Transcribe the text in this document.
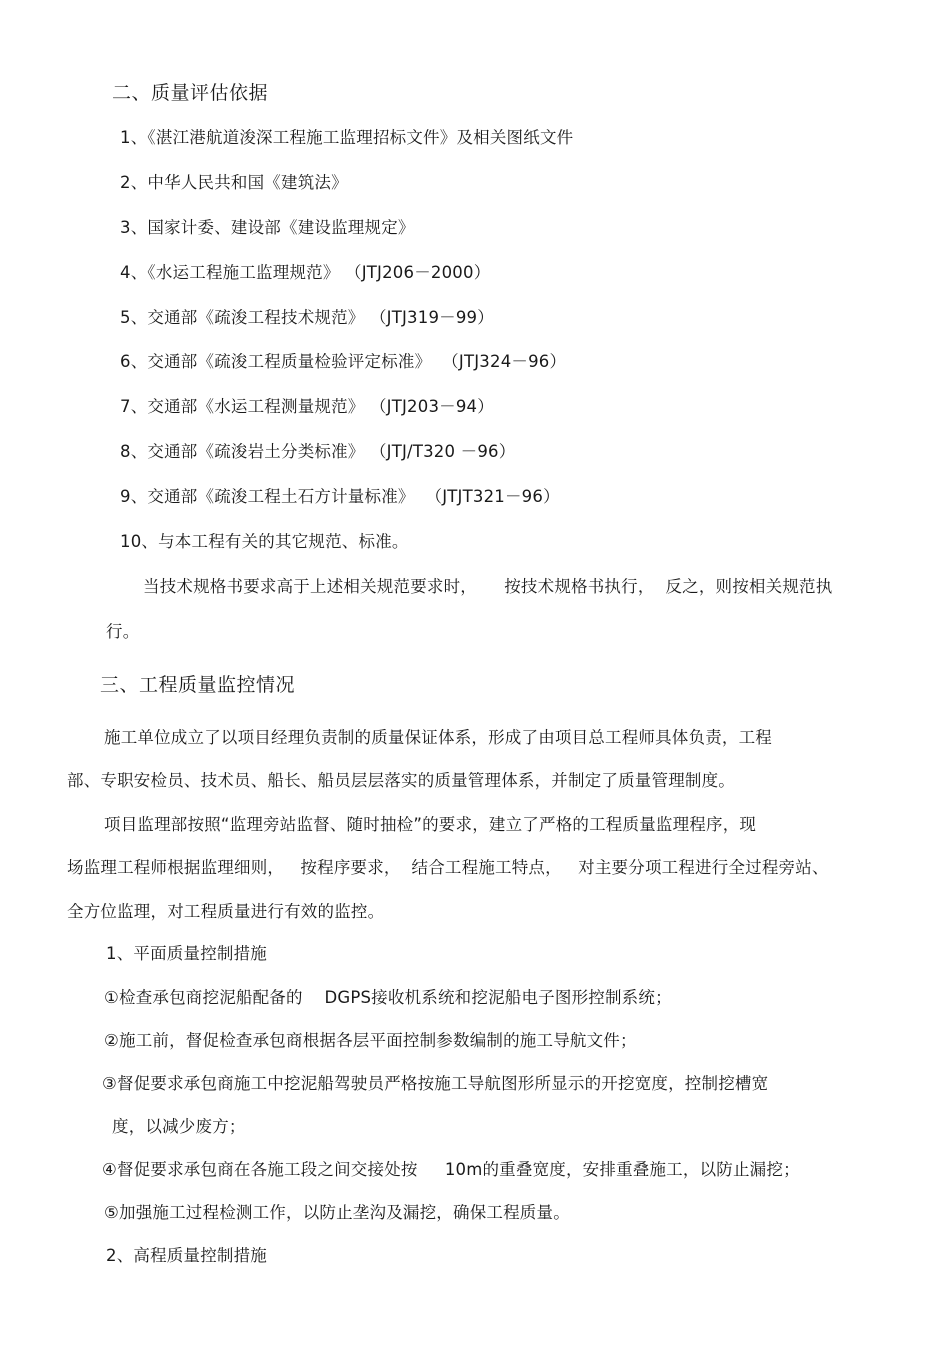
二、质量评估依据
1、《湛江港航道浚深工程施工监理招标文件》及相关图纸文件
2、中华人民共和国《建筑法》
3、国家计委、建设部《建设监理规定》
4、《水运工程施工监理规范》 （JTJ206－2000）
5、交通部《疏浚工程技术规范》 （JTJ319－99）
6、交通部《疏浚工程质量检验评定标准》  （JTJ324－96）
7、交通部《水运工程测量规范》 （JTJ203－94）
8、交通部《疏浚岩土分类标准》 （JTJ/T320 －96）
9、交通部《疏浚工程土石方计量标准》  （JTJT321－96）
10、与本工程有关的其它规范、标准。
当技术规格书要求高于上述相关规范要求时，     按技术规格书执行，  反之，则按相关规范执
行。
三、工程质量监控情况
施工单位成立了以项目经理负责制的质量保证体系，形成了由项目总工程师具体负责，工程
部、专职安检员、技术员、船长、船员层层落实的质量管理体系，并制定了质量管理制度。
项目监理部按照“监理旁站监督、随时抽检”的要求，建立了严格的工程质量监理程序，现
场监理工程师根据监理细则，   按程序要求，  结合工程施工特点，   对主要分项工程进行全过程旁站、
全方位监理，对工程质量进行有效的监控。
1、平面质量控制措施
①检查承包商挖泥船配备的    DGPS接收机系统和挖泥船电子图形控制系统；
②施工前，督促检查承包商根据各层平面控制参数编制的施工导航文件；
③督促要求承包商施工中挖泥船驾驶员严格按施工导航图形所显示的开挖宽度，控制挖槽宽
度，以减少废方；
④督促要求承包商在各施工段之间交接处按     10m的重叠宽度，安排重叠施工，以防止漏挖；
⑤加强施工过程检测工作，以防止垄沟及漏挖，确保工程质量。
2、高程质量控制措施
